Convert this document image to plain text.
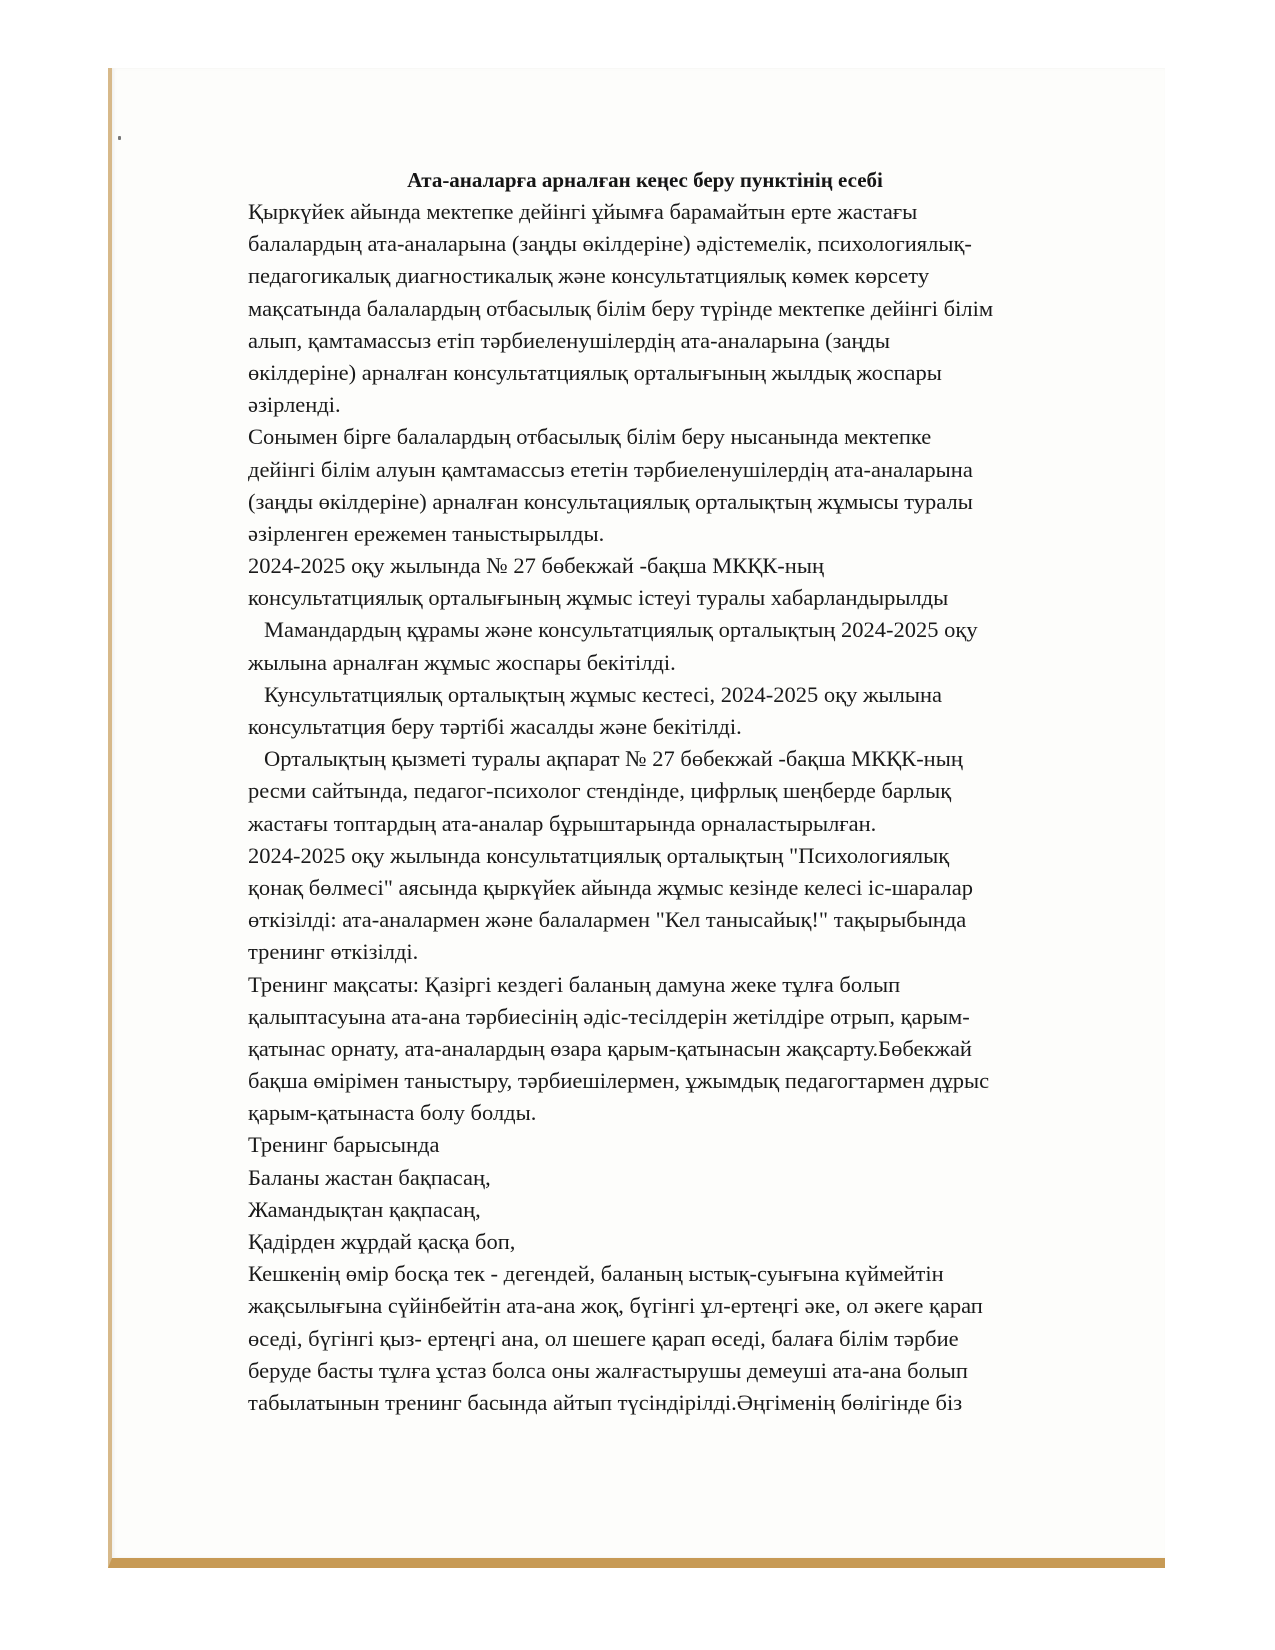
Ата-аналарға арналған кеңес беру пунктінің есебі
Қыркүйек айында мектепке дейінгі ұйымға барамайтын ерте жастағы
балалардың ата-аналарына (заңды өкілдеріне) әдістемелік, психологиялық-
педагогикалық диагностикалық және консультатциялық көмек көрсету
мақсатында балалардың отбасылық білім беру түрінде мектепке дейінгі білім
алып, қамтамассыз етіп тәрбиеленушілердің ата-аналарына (заңды
өкілдеріне) арналған консультатциялық орталығының жылдық жоспары
әзірленді.
Сонымен бірге балалардың отбасылық білім беру нысанында мектепке
дейінгі білім алуын қамтамассыз ететін тәрбиеленушілердің ата-аналарына
(заңды өкілдеріне) арналған консультациялық орталықтың жұмысы туралы
әзірленген ережемен таныстырылды.
2024-2025 оқу жылында № 27 бөбекжай -бақша МКҚК-ның
консультатциялық орталығының жұмыс істеуі туралы хабарландырылды
Мамандардың құрамы және консультатциялық орталықтың 2024-2025 оқу
жылына арналған жұмыс жоспары бекітілді.
Кунсультатциялық орталықтың жұмыс кестесі, 2024-2025 оқу жылына
консультатция беру тәртібі жасалды және бекітілді.
Орталықтың қызметі туралы ақпарат № 27 бөбекжай -бақша МКҚК-ның
ресми сайтында, педагог-психолог стендінде, цифрлық шеңберде барлық
жастағы топтардың ата-аналар бұрыштарында орналастырылған.
2024-2025 оқу жылында консультатциялық орталықтың "Психологиялық
қонақ бөлмесі" аясында қыркүйек айында жұмыс кезінде келесі іс-шаралар
өткізілді: ата-аналармен және балалармен "Кел танысайық!" тақырыбында
тренинг өткізілді.
Тренинг мақсаты: Қазіргі кездегі баланың дамуна жеке тұлға болып
қалыптасуына ата-ана тәрбиесінің әдіс-тесілдерін жетілдіре отрып, қарым-
қатынас орнату, ата-аналардың өзара қарым-қатынасын жақсарту.Бөбекжай
бақша өмірімен таныстыру, тәрбиешілермен, ұжымдық педагогтармен дұрыс
қарым-қатынаста болу болды.
Тренинг барысында
Баланы жастан бақпасаң,
Жамандықтан қақпасаң,
Қадірден жұрдай қасқа боп,
Кешкенің өмір босқа тек - дегендей, баланың ыстық-суығына күймейтін
жақсылығына сүйінбейтін ата-ана жоқ, бүгінгі ұл-ертеңгі әке, ол әкеге қарап
өседі, бүгінгі қыз- ертеңгі ана, ол шешеге қарап өседі, балаға білім тәрбие
беруде басты тұлға ұстаз болса оны жалғастырушы демеуші ата-ана болып
табылатынын тренинг басында айтып түсіндірілді.Әңгіменің бөлігінде біз
